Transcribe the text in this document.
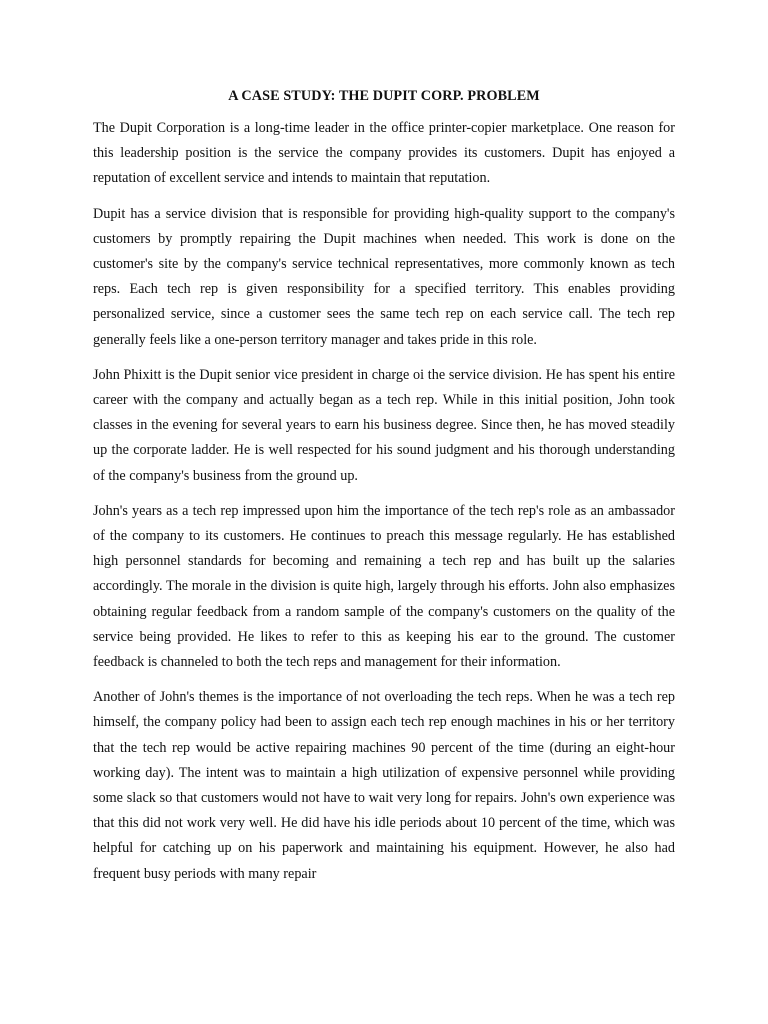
A CASE STUDY: THE DUPIT CORP. PROBLEM

The Dupit Corporation is a long-time leader in the office printer-copier marketplace. One reason for this leadership position is the service the company provides its customers. Dupit has enjoyed a reputation of excellent service and intends to maintain that reputation.

Dupit has a service division that is responsible for providing high-quality support to the company's customers by promptly repairing the Dupit machines when needed. This work is done on the customer's site by the company's service technical representatives, more commonly known as tech reps. Each tech rep is given responsibility for a specified territory. This enables providing personalized service, since a customer sees the same tech rep on each service call. The tech rep generally feels like a one-person territory manager and takes pride in this role.

John Phixitt is the Dupit senior vice president in charge oi the service division. He has spent his entire career with the company and actually began as a tech rep. While in this initial position, John took classes in the evening for several years to earn his business degree. Since then, he has moved steadily up the corporate ladder. He is well respected for his sound judgment and his thorough understanding of the company's business from the ground up.

John's years as a tech rep impressed upon him the importance of the tech rep's role as an ambassador of the company to its customers. He continues to preach this message regularly. He has established high personnel standards for becoming and remaining a tech rep and has built up the salaries accordingly. The morale in the division is quite high, largely through his efforts. John also emphasizes obtaining regular feedback from a random sample of the company's customers on the quality of the service being provided. He likes to refer to this as keeping his ear to the ground. The customer feedback is channeled to both the tech reps and management for their information.

Another of John's themes is the importance of not overloading the tech reps. When he was a tech rep himself, the company policy had been to assign each tech rep enough machines in his or her territory that the tech rep would be active repairing machines 90 percent of the time (during an eight-hour working day). The intent was to maintain a high utilization of expensive personnel while providing some slack so that customers would not have to wait very long for repairs. John's own experience was that this did not work very well. He did have his idle periods about 10 percent of the time, which was helpful for catching up on his paperwork and maintaining his equipment. However, he also had frequent busy periods with many repair
